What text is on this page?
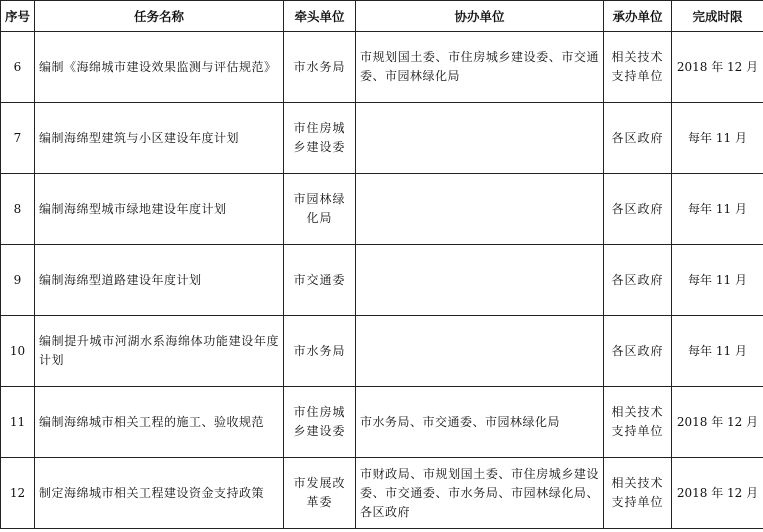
序号	任务名称	牵头单位	协办单位	承办单位	完成时限
6	编制《海绵城市建设效果监测与评估规范》	市水务局	市规划国土委、市住房城乡建设委、市交通委、市园林绿化局	相关技术支持单位	2018 年 12 月
7	编制海绵型建筑与小区建设年度计划	市住房城乡建设委		各区政府	每年 11 月
8	编制海绵型城市绿地建设年度计划	市园林绿化局		各区政府	每年 11 月
9	编制海绵型道路建设年度计划	市交通委		各区政府	每年 11 月
10	编制提升城市河湖水系海绵体功能建设年度计划	市水务局		各区政府	每年 11 月
11	编制海绵城市相关工程的施工、验收规范	市住房城乡建设委	市水务局、市交通委、市园林绿化局	相关技术支持单位	2018 年 12 月
12	制定海绵城市相关工程建设资金支持政策	市发展改革委	市财政局、市规划国土委、市住房城乡建设委、市交通委、市水务局、市园林绿化局、各区政府	相关技术支持单位	2018 年 12 月
